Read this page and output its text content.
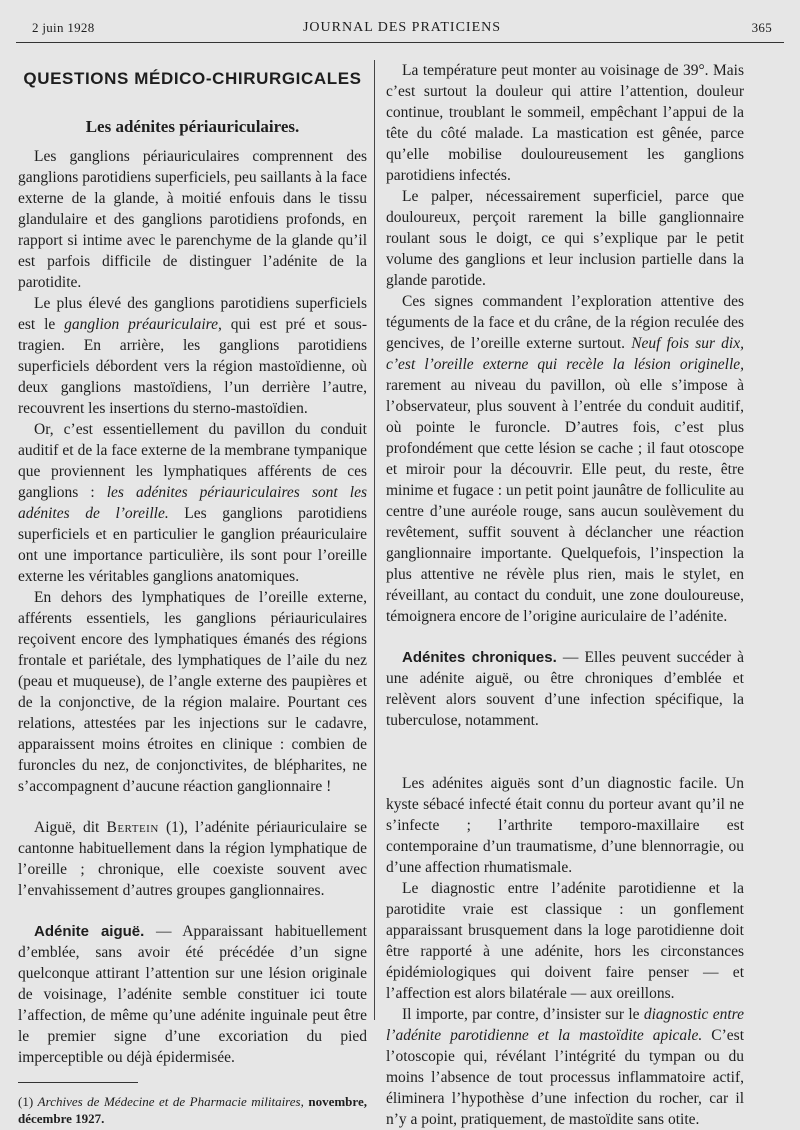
2 juin 1928	JOURNAL DES PRATICIENS	365
QUESTIONS MÉDICO-CHIRURGICALES
Les adénites périauriculaires.

Les ganglions périauriculaires comprennent des ganglions parotidiens superficiels, peu saillants à la face externe de la glande, à moitié enfouis dans le tissu glandulaire et des ganglions parotidiens profonds, en rapport si intime avec le parenchyme de la glande qu’il est parfois difficile de distinguer l’adénite de la parotidite.

Le plus élevé des ganglions parotidiens superficiels est le ganglion préauriculaire, qui est pré et sous-tragien. En arrière, les ganglions parotidiens superficiels débordent vers la région mastoïdienne, où deux ganglions mastoïdiens, l’un derrière l’autre, recouvrent les insertions du sterno-mastoïdien.

Or, c’est essentiellement du pavillon du conduit auditif et de la face externe de la membrane tympanique que proviennent les lymphatiques afférents de ces ganglions : les adénites périauriculaires sont les adénites de l’oreille. Les ganglions parotidiens superficiels et en particulier le ganglion préauriculaire ont une importance particulière, ils sont pour l’oreille externe les véritables ganglions anatomiques.

En dehors des lymphatiques de l’oreille externe, afférents essentiels, les ganglions périauriculaires reçoivent encore des lymphatiques émanés des régions frontale et pariétale, des lymphatiques de l’aile du nez (peau et muqueuse), de l’angle externe des paupières et de la conjonctive, de la région malaire. Pourtant ces relations, attestées par les injections sur le cadavre, apparaissent moins étroites en clinique : combien de furoncles du nez, de conjonctivites, de blépharites, ne s’accompagnent d’aucune réaction ganglionnaire !

Aiguë, dit Bertein (1), l’adénite périauriculaire se cantonne habituellement dans la région lymphatique de l’oreille ; chronique, elle coexiste souvent avec l’envahissement d’autres groupes ganglionnaires.

Adénite aiguë. — Apparaissant habituellement d’emblée, sans avoir été précédée d’un signe quelconque attirant l’attention sur une lésion originale de voisinage, l’adénite semble constituer ici toute l’affection, de même qu’une adénite inguinale peut être le premier signe d’une excoriation du pied imperceptible ou déjà épidermisée.

(1) Archives de Médecine et de Pharmacie militaires, novembre, décembre 1927.

La température peut monter au voisinage de 39°. Mais c’est surtout la douleur qui attire l’attention, douleur continue, troublant le sommeil, empêchant l’appui de la tête du côté malade. La mastication est gênée, parce qu’elle mobilise douloureusement les ganglions parotidiens infectés.

Le palper, nécessairement superficiel, parce que douloureux, perçoit rarement la bille ganglionnaire roulant sous le doigt, ce qui s’explique par le petit volume des ganglions et leur inclusion partielle dans la glande parotide.

Ces signes commandent l’exploration attentive des téguments de la face et du crâne, de la région reculée des gencives, de l’oreille externe surtout. Neuf fois sur dix, c’est l’oreille externe qui recèle la lésion originelle, rarement au niveau du pavillon, où elle s’impose à l’observateur, plus souvent à l’entrée du conduit auditif, où pointe le furoncle. D’autres fois, c’est plus profondément que cette lésion se cache ; il faut otoscope et miroir pour la découvrir. Elle peut, du reste, être minime et fugace : un petit point jaunâtre de folliculite au centre d’une auréole rouge, sans aucun soulèvement du revêtement, suffit souvent à déclancher une réaction ganglionnaire importante. Quelquefois, l’inspection la plus attentive ne révèle plus rien, mais le stylet, en réveillant, au contact du conduit, une zone douloureuse, témoignera encore de l’origine auriculaire de l’adénite.

Adénites chroniques. — Elles peuvent succéder à une adénite aiguë, ou être chroniques d’emblée et relèvent alors souvent d’une infection spécifique, la tuberculose, notamment.

Les adénites aiguës sont d’un diagnostic facile. Un kyste sébacé infecté était connu du porteur avant qu’il ne s’infecte ; l’arthrite temporo-maxillaire est contemporaine d’un traumatisme, d’une blennorragie, ou d’une affection rhumatismale.

Le diagnostic entre l’adénite parotidienne et la parotidite vraie est classique : un gonflement apparaissant brusquement dans la loge parotidienne doit être rapporté à une adénite, hors les circonstances épidémiologiques qui doivent faire penser — et l’affection est alors bilatérale — aux oreillons.

Il importe, par contre, d’insister sur le diagnostic entre l’adénite parotidienne et la mastoïdite apicale. C’est l’otoscopie qui, révélant l’intégrité du tympan ou du moins l’absence de tout processus inflammatoire actif, éliminera l’hypothèse d’une infection du rocher, car il n’y a point, pratiquement, de mastoïdite sans otite.
